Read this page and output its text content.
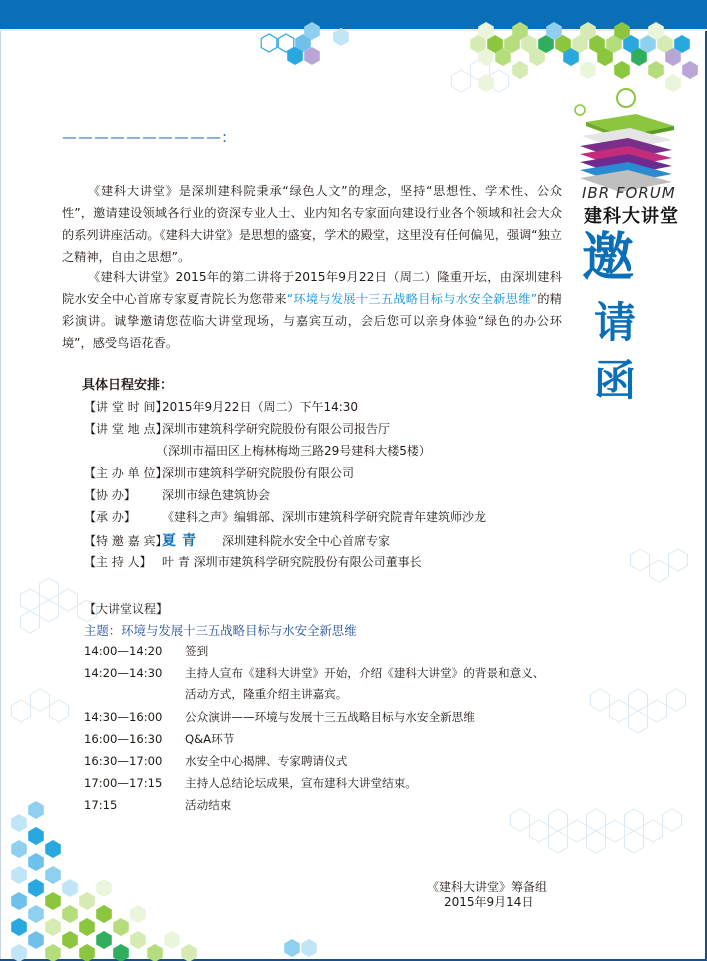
——————————:

《建科大讲堂》是深圳建科院秉承“绿色人文”的理念，坚持“思想性、学术性、公众性”，邀请建设领域各行业的资深专业人士、业内知名专家面向建设行业各个领域和社会大众的系列讲座活动。《建科大讲堂》是思想的盛宴，学术的殿堂，这里没有任何偏见，强调“独立之精神，自由之思想”。

《建科大讲堂》2015年的第二讲将于2015年9月22日（周二）隆重开坛，由深圳建科院水安全中心首席专家夏青院长为您带来“环境与发展十三五战略目标与水安全新思维”的精彩演讲。诚挚邀请您莅临大讲堂现场，与嘉宾互动，会后您可以亲身体验“绿色的办公环境”，感受鸟语花香。

IBR FORUM
建科大讲堂
邀
请
函
具体日程安排：
【讲 堂 时 间】2015年9月22日（周二）下午14:30
【讲 堂 地 点】深圳市建筑科学研究院股份有限公司报告厅
（深圳市福田区上梅林梅坳三路29号建科大楼5楼）
【主 办 单 位】深圳市建筑科学研究院股份有限公司
【协 办】 深圳市绿色建筑协会
【承 办】 《建科之声》编辑部、深圳市建筑科学研究院青年建筑师沙龙
【特 邀 嘉 宾】夏青 深圳建科院水安全中心首席专家
【主 持 人】 叶 青 深圳市建筑科学研究院股份有限公司董事长
【大讲堂议程】
主题：环境与发展十三五战略目标与水安全新思维
14:00—14:20 签到
14:20—14:30 主持人宣布《建科大讲堂》开始，介绍《建科大讲堂》的背景和意义、
活动方式，隆重介绍主讲嘉宾。
14:30—16:00 公众演讲——环境与发展十三五战略目标与水安全新思维
16:00—16:30 Q&A环节
16:30—17:00 水安全中心揭牌、专家聘请仪式
17:00—17:15 主持人总结论坛成果，宣布建科大讲堂结束。
17:15	活动结束
《建科大讲堂》筹备组
2015年9月14日
